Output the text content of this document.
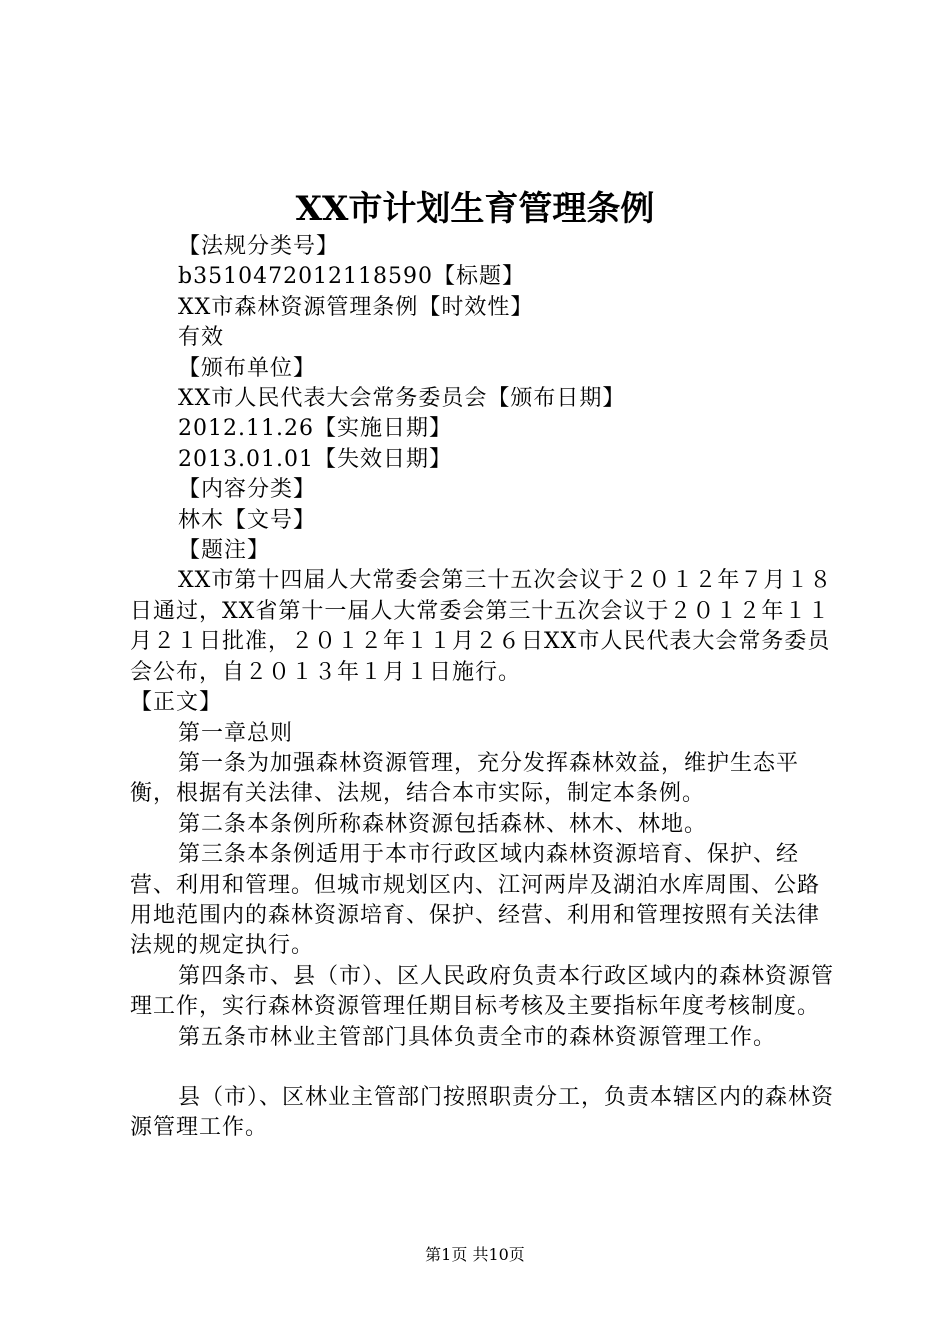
XX市计划生育管理条例

【法规分类号】

b3510472012118590【标题】

XX市森林资源管理条例【时效性】

有效

【颁布单位】

XX市人民代表大会常务委员会【颁布日期】

2012.11.26【实施日期】

2013.01.01【失效日期】

【内容分类】

林木【文号】

【题注】

XX市第十四届人大常委会第三十五次会议于２０１２年７月１８日通过，XX省第十一届人大常委会第三十五次会议于２０１２年１１月２１日批准，２０１２年１１月２６日XX市人民代表大会常务委员会公布，自２０１３年１月１日施行。

【正文】

第一章总则

第一条为加强森林资源管理，充分发挥森林效益，维护生态平衡，根据有关法律、法规，结合本市实际，制定本条例。

第二条本条例所称森林资源包括森林、林木、林地。

第三条本条例适用于本市行政区域内森林资源培育、保护、经营、利用和管理。但城市规划区内、江河两岸及湖泊水库周围、公路用地范围内的森林资源培育、保护、经营、利用和管理按照有关法律法规的规定执行。

第四条市、县（市）、区人民政府负责本行政区域内的森林资源管理工作，实行森林资源管理任期目标考核及主要指标年度考核制度。

第五条市林业主管部门具体负责全市的森林资源管理工作。

县（市）、区林业主管部门按照职责分工，负责本辖区内的森林资源管理工作。

第1页 共10页
